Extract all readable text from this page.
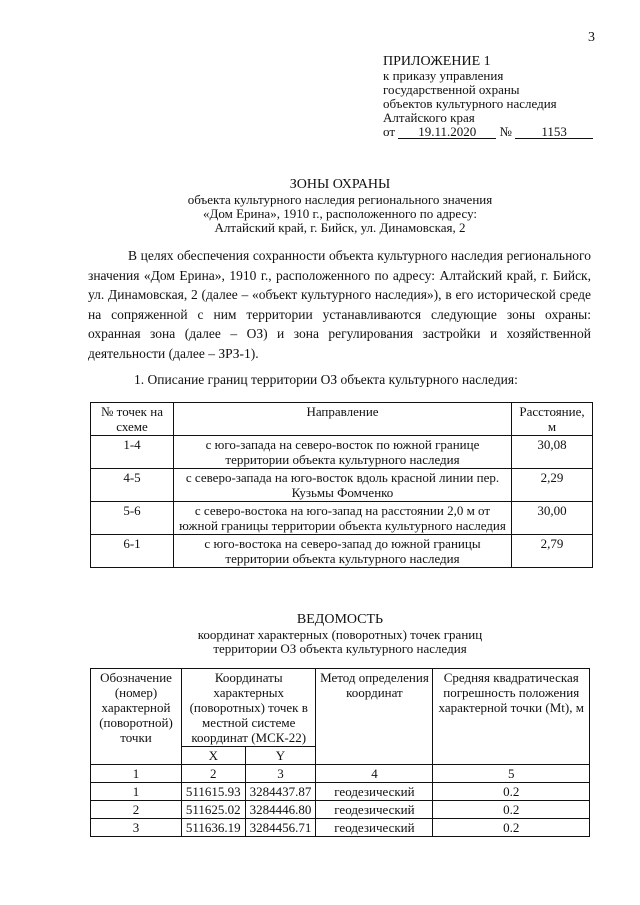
3
ПРИЛОЖЕНИЕ 1
к приказу управления
государственной охраны
объектов культурного наследия
Алтайского края
от 19.11.2020 № 1153
ЗОНЫ ОХРАНЫ
объекта культурного наследия регионального значения
«Дом Ерина», 1910 г., расположенного по адресу:
Алтайский край, г. Бийск, ул. Динамовская, 2

В целях обеспечения сохранности объекта культурного наследия регионального значения «Дом Ерина», 1910 г., расположенного по адресу: Алтайский край, г. Бийск, ул. Динамовская, 2 (далее – «объект культурного наследия»), в его исторической среде на сопряженной с ним территории устанавливаются следующие зоны охраны: охранная зона (далее – ОЗ) и зона регулирования застройки и хозяйственной деятельности (далее – ЗРЗ-1).

1. Описание границ территории ОЗ объекта культурного наследия:
№ точек на схеме	Направление	Расстояние, м
1-4	с юго-запада на северо-восток по южной границе территории объекта культурного наследия	30,08
4-5	с северо-запада на юго-восток вдоль красной линии пер. Кузьмы Фомченко	2,29
5-6	с северо-востока на юго-запад на расстоянии 2,0 м от южной границы территории объекта культурного наследия	30,00
6-1	с юго-востока на северо-запад до южной границы территории объекта культурного наследия	2,79
ВЕДОМОСТЬ
координат характерных (поворотных) точек границ
территории ОЗ объекта культурного наследия
Обозначение (номер) характерной (поворотной) точки	Координаты характерных (поворотных) точек в местной системе координат (МСК-22)		Метод определения координат	Средняя квадратическая погрешность положения характерной точки (Mt), м
	X	Y		
1	2	3	4	5
1	511615.93	3284437.87	геодезический	0.2
2	511625.02	3284446.80	геодезический	0.2
3	511636.19	3284456.71	геодезический	0.2
